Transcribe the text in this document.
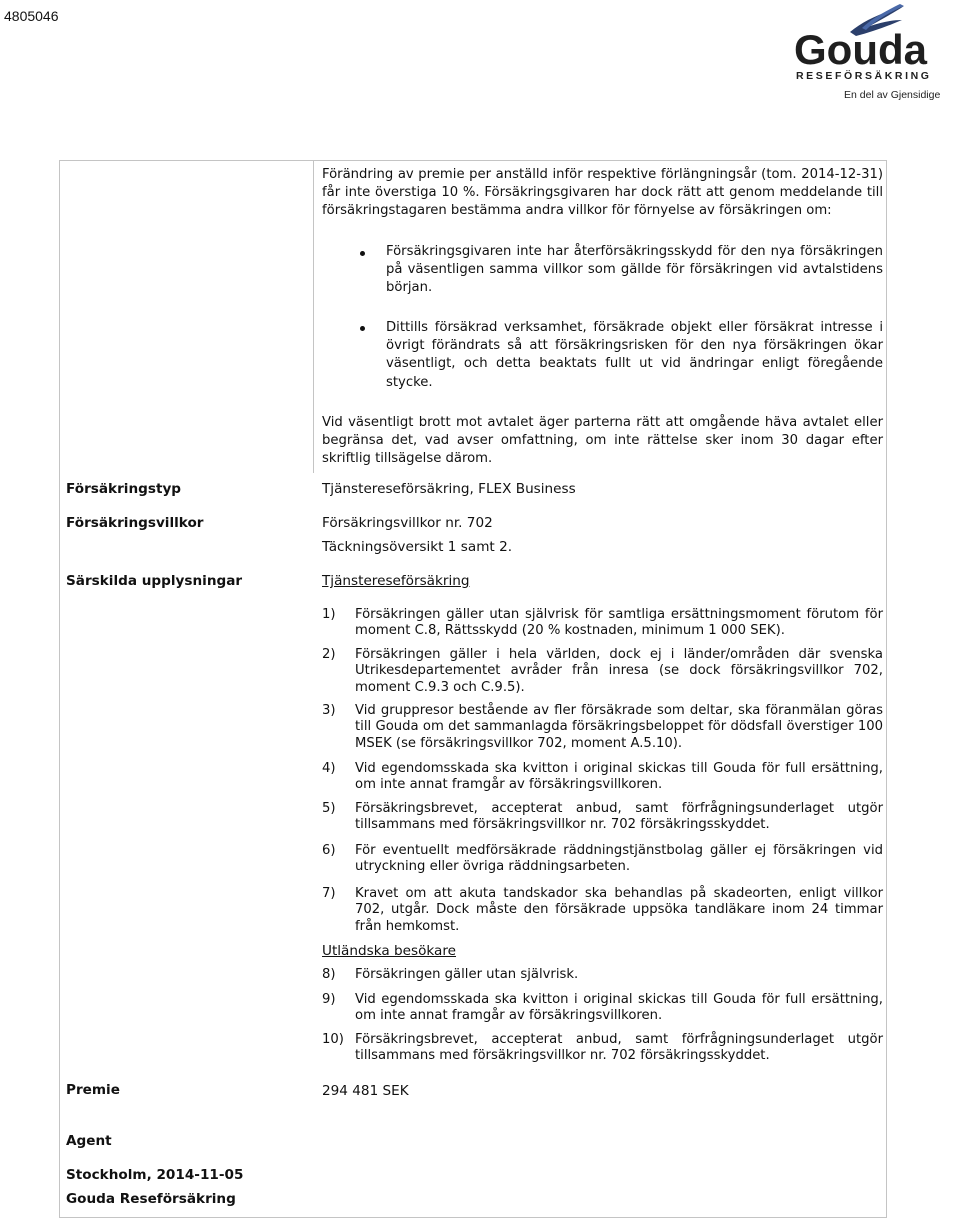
4805046
Gouda
RESEFÖRSÄKRING
En del av Gjensidige
Förändring av premie per anställd inför respektive förlängningsår (tom. 2014-12-31) får inte överstiga 10 %. Försäkringsgivaren har dock rätt att genom meddelande till försäkringstagaren bestämma andra villkor för förnyelse av försäkringen om:
Försäkringsgivaren inte har återförsäkringsskydd för den nya försäkringen på väsentligen samma villkor som gällde för försäkringen vid avtalstidens början.
Dittills försäkrad verksamhet, försäkrade objekt eller försäkrat intresse i övrigt förändrats så att försäkringsrisken för den nya försäkringen ökar väsentligt, och detta beaktats fullt ut vid ändringar enligt föregående stycke.
Vid väsentligt brott mot avtalet äger parterna rätt att omgående häva avtalet eller begränsa det, vad avser omfattning, om inte rättelse sker inom 30 dagar efter skriftlig tillsägelse därom.
Försäkringstyp	Tjänstereseförsäkring, FLEX Business
Försäkringsvillkor	Försäkringsvillkor nr. 702
Täckningsöversikt 1 samt 2.
Särskilda upplysningar	Tjänstereseförsäkring
1) Försäkringen gäller utan självrisk för samtliga ersättningsmoment förutom för moment C.8, Rättsskydd (20 % kostnaden, minimum 1 000 SEK).
2) Försäkringen gäller i hela världen, dock ej i länder/områden där svenska Utrikesdepartementet avråder från inresa (se dock försäkringsvillkor 702, moment C.9.3 och C.9.5).
3) Vid gruppresor bestående av fler försäkrade som deltar, ska föranmälan göras till Gouda om det sammanlagda försäkringsbeloppet för dödsfall överstiger 100 MSEK (se försäkringsvillkor 702, moment A.5.10).
4) Vid egendomsskada ska kvitton i original skickas till Gouda för full ersättning, om inte annat framgår av försäkringsvillkoren.
5) Försäkringsbrevet, accepterat anbud, samt förfrågningsunderlaget utgör tillsammans med försäkringsvillkor nr. 702 försäkringsskyddet.
6) För eventuellt medförsäkrade räddningstjänstbolag gäller ej försäkringen vid utryckning eller övriga räddningsarbeten.
7) Kravet om att akuta tandskador ska behandlas på skadeorten, enligt villkor 702, utgår. Dock måste den försäkrade uppsöka tandläkare inom 24 timmar från hemkomst.
Utländska besökare
8) Försäkringen gäller utan självrisk.
9) Vid egendomsskada ska kvitton i original skickas till Gouda för full ersättning, om inte annat framgår av försäkringsvillkoren.
10) Försäkringsbrevet, accepterat anbud, samt förfrågningsunderlaget utgör tillsammans med försäkringsvillkor nr. 702 försäkringsskyddet.
Premie	294 481 SEK
Agent
Stockholm, 2014-11-05
Gouda Reseförsäkring
